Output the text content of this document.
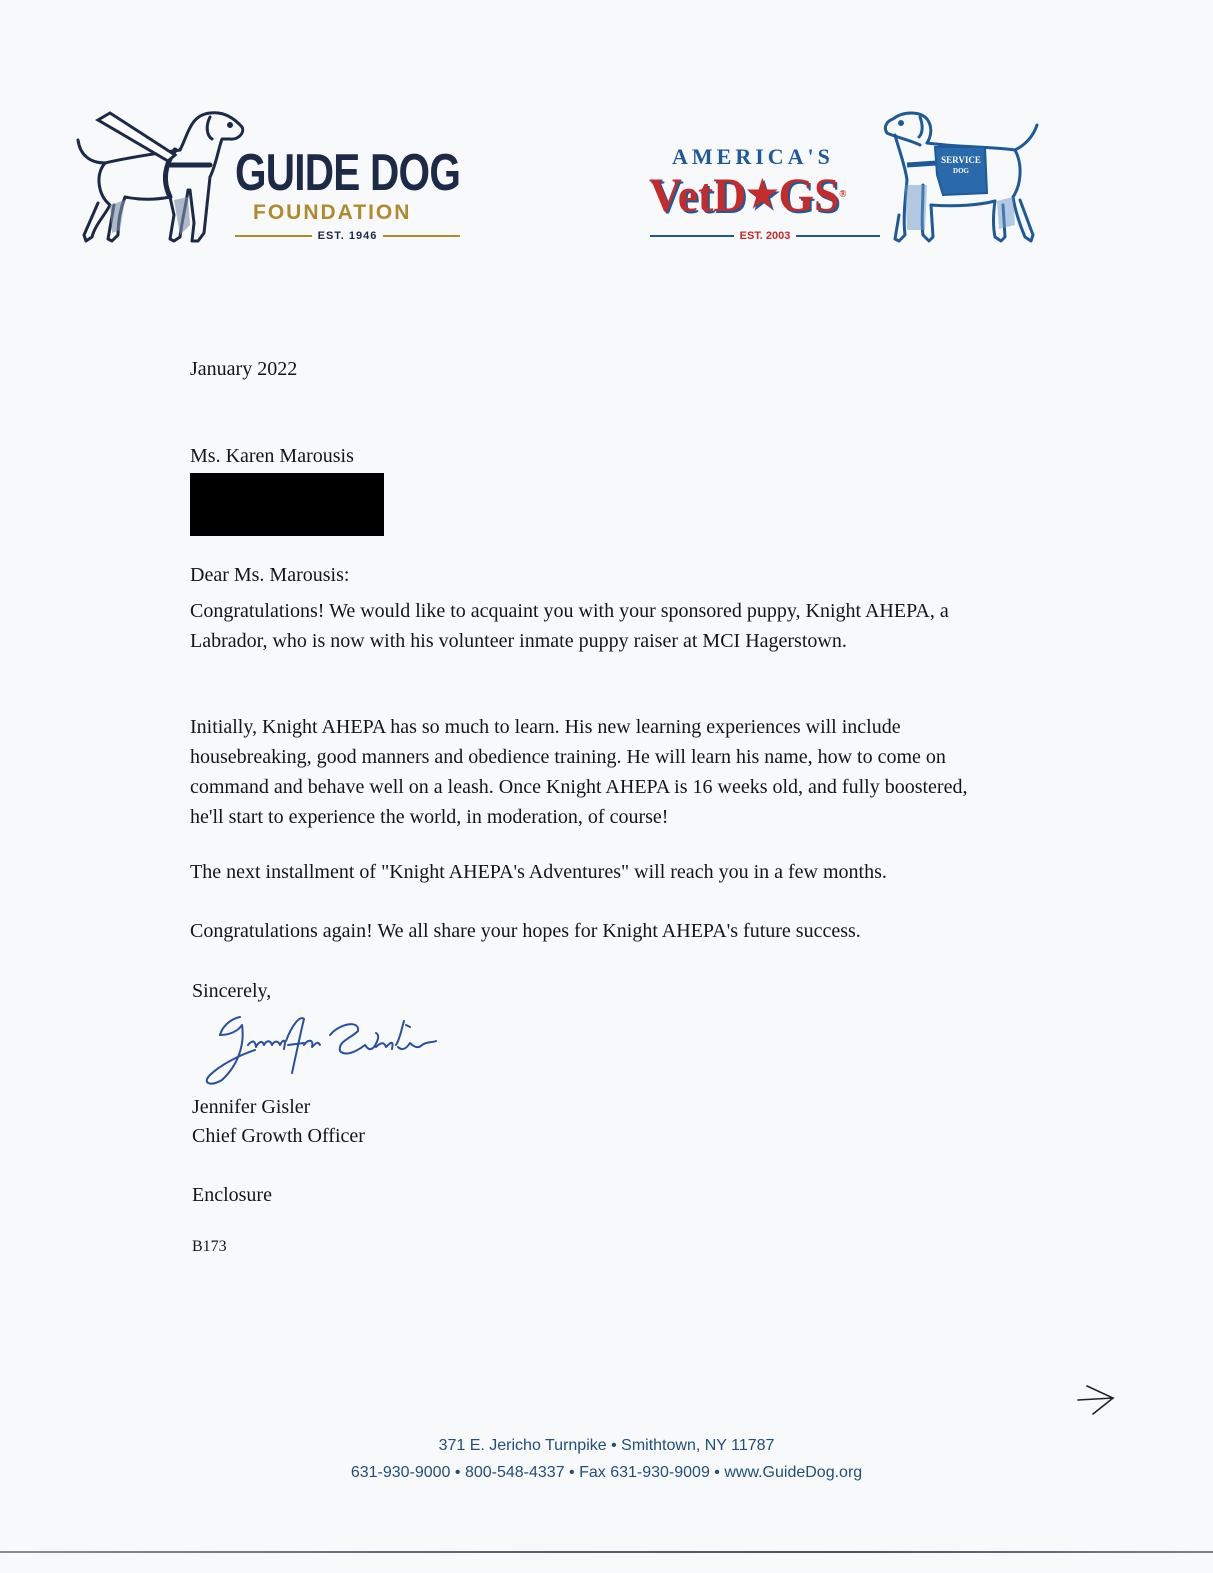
GUIDE DOG
FOUNDATION
EST. 1946
AMERICA'S
VetD★GS®
EST. 2003
SERVICE
DOG
January 2022
Ms. Karen Marousis
Dear Ms. Marousis:
Congratulations! We would like to acquaint you with your sponsored puppy, Knight AHEPA, a Labrador, who is now with his volunteer inmate puppy raiser at MCI Hagerstown.
Initially, Knight AHEPA has so much to learn. His new learning experiences will include housebreaking, good manners and obedience training. He will learn his name, how to come on command and behave well on a leash. Once Knight AHEPA is 16 weeks old, and fully boostered, he'll start to experience the world, in moderation, of course!
The next installment of "Knight AHEPA's Adventures" will reach you in a few months.
Congratulations again! We all share your hopes for Knight AHEPA's future success.
Sincerely,
Jennifer Gisler
Chief Growth Officer
Enclosure
B173
371 E. Jericho Turnpike • Smithtown, NY 11787
631-930-9000 • 800-548-4337 • Fax 631-930-9009 • www.GuideDog.org
